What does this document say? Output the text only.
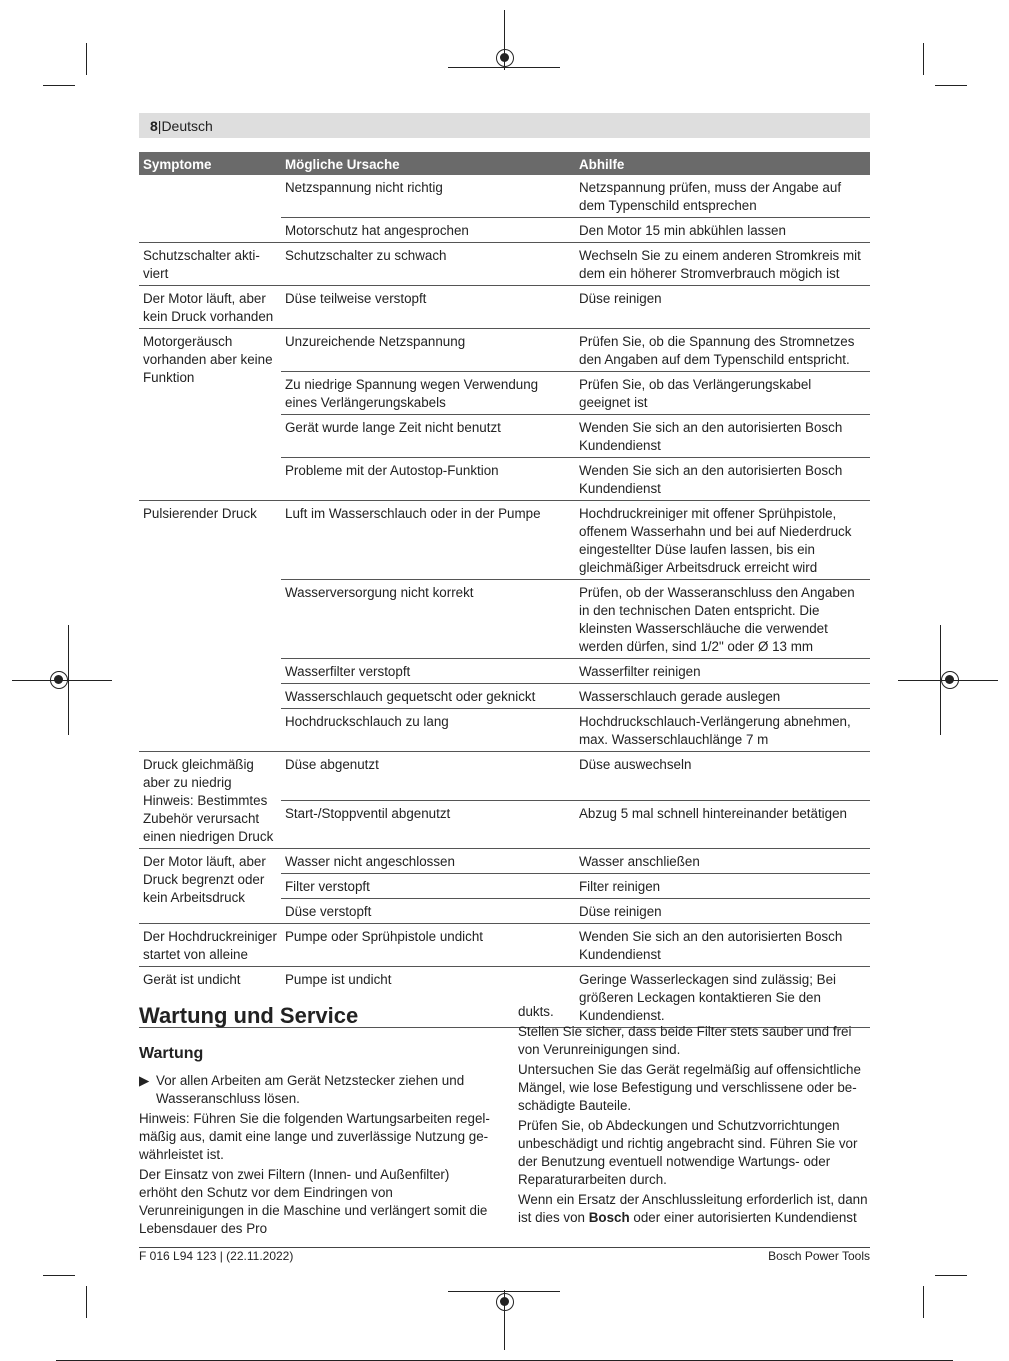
8|Deutsch
Symptome	Mögliche Ursache	Abhilfe
	Netzspannung nicht richtig	Netzspannung prüfen, muss der Angabe auf dem Typenschild entsprechen
	Motorschutz hat angesprochen	Den Motor 15 min abkühlen lassen
Schutzschalter aktiviert	Schutzschalter zu schwach	Wechseln Sie zu einem anderen Stromkreis mit dem ein höherer Stromverbrauch mögich ist
Der Motor läuft, aber kein Druck vorhanden	Düse teilweise verstopft	Düse reinigen
Motorgeräusch vorhanden aber keine Funktion	Unzureichende Netzspannung	Prüfen Sie, ob die Spannung des Stromnetzes den Angaben auf dem Typenschild entspricht.
	Zu niedrige Spannung wegen Verwendung eines Verlängerungskabels	Prüfen Sie, ob das Verlängerungskabel geeignet ist
	Gerät wurde lange Zeit nicht benutzt	Wenden Sie sich an den autorisierten Bosch Kundendienst
	Probleme mit der Autostop-Funktion	Wenden Sie sich an den autorisierten Bosch Kundendienst
Pulsierender Druck	Luft im Wasserschlauch oder in der Pumpe	Hochdruckreiniger mit offener Sprühpistole, offenem Wasserhahn und bei auf Niederdruck eingestellter Düse laufen lassen, bis ein gleichmäßiger Arbeitsdruck erreicht wird
	Wasserversorgung nicht korrekt	Prüfen, ob der Wasseranschluss den Angaben in den technischen Daten entspricht. Die kleinsten Wasserschläuche die verwendet werden dürfen, sind 1/2" oder Ø 13 mm
	Wasserfilter verstopft	Wasserfilter reinigen
	Wasserschlauch gequetscht oder geknickt	Wasserschlauch gerade auslegen
	Hochdruckschlauch zu lang	Hochdruckschlauch-Verlängerung abnehmen, max. Wasserschlauchlänge 7 m
Druck gleichmäßig aber zu niedrig Hinweis: Bestimmtes Zubehör verursacht einen niedrigen Druck	Düse abgenutzt	Düse auswechseln
	Start-/Stoppventil abgenutzt	Abzug 5 mal schnell hintereinander betätigen
Der Motor läuft, aber Druck begrenzt oder kein Arbeitsdruck	Wasser nicht angeschlossen	Wasser anschließen
	Filter verstopft	Filter reinigen
	Düse verstopft	Düse reinigen
Der Hochdruckreiniger startet von alleine	Pumpe oder Sprühpistole undicht	Wenden Sie sich an den autorisierten Bosch Kundendienst
Gerät ist undicht	Pumpe ist undicht	Geringe Wasserleckagen sind zulässig; Bei größeren Leckagen kontaktieren Sie den Kundendienst.
Wartung und Service
Wartung

▶ Vor allen Arbeiten am Gerät Netzstecker ziehen und Wasseranschluss lösen.

Hinweis: Führen Sie die folgenden Wartungsarbeiten regelmäßig aus, damit eine lange und zuverlässige Nutzung gewährleistet ist.

Der Einsatz von zwei Filtern (Innen- und Außenfilter) erhöht den Schutz vor dem Eindringen von Verunreinigungen in die Maschine und verlängert somit die Lebensdauer des Pro

dukts.

Stellen Sie sicher, dass beide Filter stets sauber und frei von Verunreinigungen sind.

Untersuchen Sie das Gerät regelmäßig auf offensichtliche Mängel, wie lose Befestigung und verschlissene oder beschädigte Bauteile.

Prüfen Sie, ob Abdeckungen und Schutzvorrichtungen unbeschädigt und richtig angebracht sind. Führen Sie vor der Benutzung eventuell notwendige Wartungs- oder Reparaturarbeiten durch.

Wenn ein Ersatz der Anschlussleitung erforderlich ist, dann ist dies von Bosch oder einer autorisierten Kundendienst

F 016 L94 123 | (22.11.2022)	Bosch Power Tools
